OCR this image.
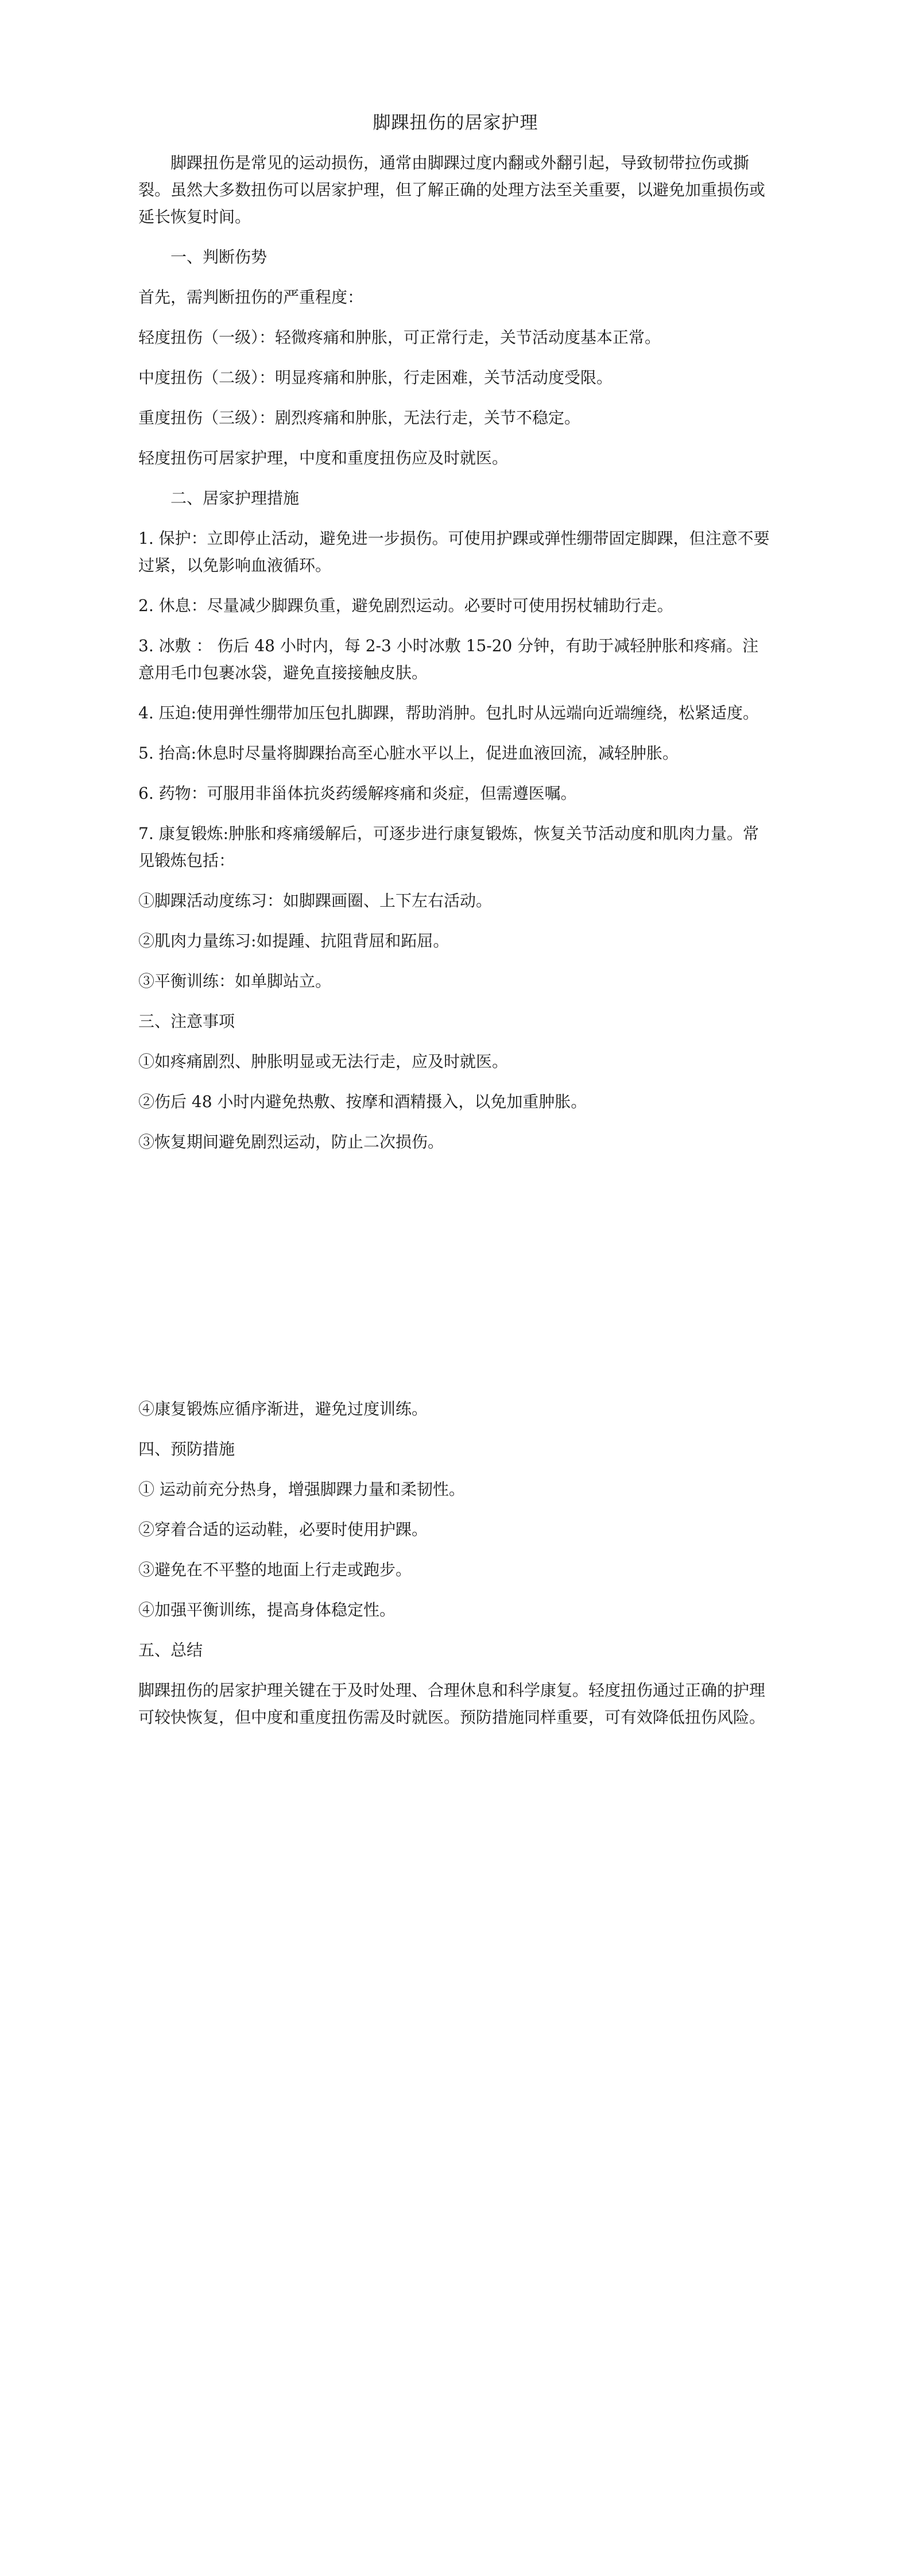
脚踝扭伤的居家护理

脚踝扭伤是常见的运动损伤，通常由脚踝过度内翻或外翻引起，导致韧带拉伤或撕裂。虽然大多数扭伤可以居家护理，但了解正确的处理方法至关重要，以避免加重损伤或延长恢复时间。

一、判断伤势

首先，需判断扭伤的严重程度：

轻度扭伤（一级）：轻微疼痛和肿胀，可正常行走，关节活动度基本正常。

中度扭伤（二级）：明显疼痛和肿胀，行走困难，关节活动度受限。

重度扭伤（三级）：剧烈疼痛和肿胀，无法行走，关节不稳定。

轻度扭伤可居家护理，中度和重度扭伤应及时就医。

二、居家护理措施

1. 保护：立即停止活动，避免进一步损伤。可使用护踝或弹性绷带固定脚踝，但注意不要过紧，以免影响血液循环。

2. 休息：尽量减少脚踝负重，避免剧烈运动。必要时可使用拐杖辅助行走。

3. 冰敷 ： 伤后 48 小时内，每 2-3 小时冰敷 15-20 分钟，有助于减轻肿胀和疼痛。注意用毛巾包裹冰袋，避免直接接触皮肤。

4. 压迫:使用弹性绷带加压包扎脚踝，帮助消肿。包扎时从远端向近端缠绕，松紧适度。

5. 抬高:休息时尽量将脚踝抬高至心脏水平以上，促进血液回流，减轻肿胀。

6. 药物：可服用非甾体抗炎药缓解疼痛和炎症，但需遵医嘱。

7. 康复锻炼:肿胀和疼痛缓解后，可逐步进行康复锻炼，恢复关节活动度和肌肉力量。常见锻炼包括：

①脚踝活动度练习：如脚踝画圈、上下左右活动。

②肌肉力量练习:如提踵、抗阻背屈和跖屈。

③平衡训练：如单脚站立。

三、注意事项

①如疼痛剧烈、肿胀明显或无法行走，应及时就医。

②伤后 48 小时内避免热敷、按摩和酒精摄入，以免加重肿胀。

③恢复期间避免剧烈运动，防止二次损伤。

④康复锻炼应循序渐进，避免过度训练。

四、预防措施

① 运动前充分热身，增强脚踝力量和柔韧性。

②穿着合适的运动鞋，必要时使用护踝。

③避免在不平整的地面上行走或跑步。

④加强平衡训练，提高身体稳定性。

五、总结

脚踝扭伤的居家护理关键在于及时处理、合理休息和科学康复。轻度扭伤通过正确的护理可较快恢复，但中度和重度扭伤需及时就医。预防措施同样重要，可有效降低扭伤风险。
